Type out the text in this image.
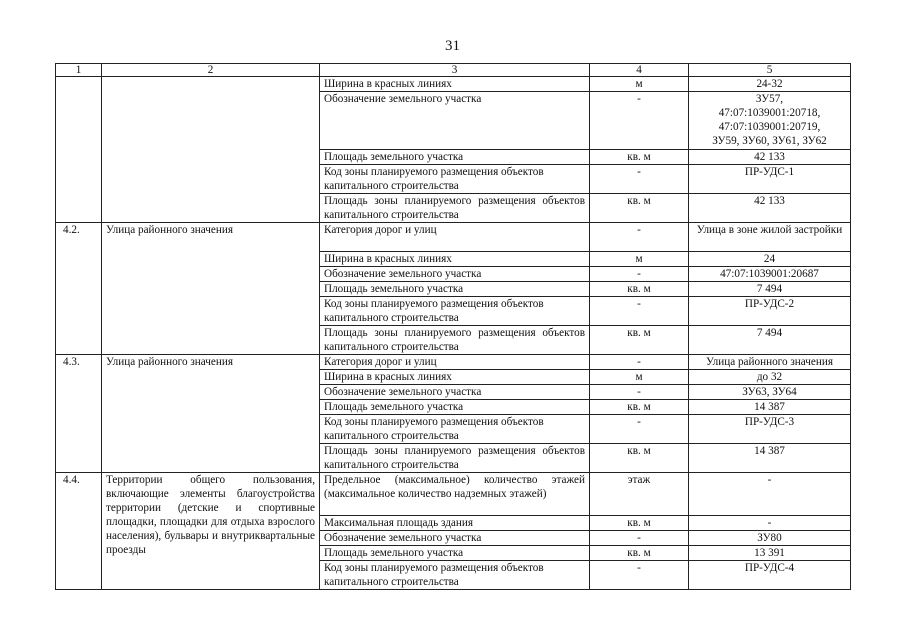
31
1	2	3	4	5
		Ширина в красных линиях	м	24-32
		Обозначение земельного участка	-	ЗУ57,
47:07:1039001:20718,
47:07:1039001:20719,
ЗУ59, ЗУ60, ЗУ61, ЗУ62
		Площадь земельного участка	кв. м	42 133
		Код зоны планируемого размещения объектов капитального строительства	-	ПР-УДС-1
		Площадь зоны планируемого размещения объектов капитального строительства	кв. м	42 133
4.2.	Улица районного значения	Категория дорог и улиц	-	Улица в зоне жилой застройки
		Ширина в красных линиях	м	24
		Обозначение земельного участка	-	47:07:1039001:20687
		Площадь земельного участка	кв. м	7 494
		Код зоны планируемого размещения объектов капитального строительства	-	ПР-УДС-2
		Площадь зоны планируемого размещения объектов капитального строительства	кв. м	7 494
4.3.	Улица районного значения	Категория дорог и улиц	-	Улица районного значения
		Ширина в красных линиях	м	до 32
		Обозначение земельного участка	-	ЗУ63, ЗУ64
		Площадь земельного участка	кв. м	14 387
		Код зоны планируемого размещения объектов капитального строительства	-	ПР-УДС-3
		Площадь зоны планируемого размещения объектов капитального строительства	кв. м	14 387
4.4.	Территории общего пользования, включающие элементы благоустройства территории (детские и спортивные площадки, площадки для отдыха взрослого населения), бульвары и внутриквартальные проезды	Предельное (максимальное) количество этажей (максимальное количество надземных этажей)	этаж	-
		Максимальная площадь здания	кв. м	-
		Обозначение земельного участка	-	ЗУ80
		Площадь земельного участка	кв. м	13 391
		Код зоны планируемого размещения объектов капитального строительства	-	ПР-УДС-4
